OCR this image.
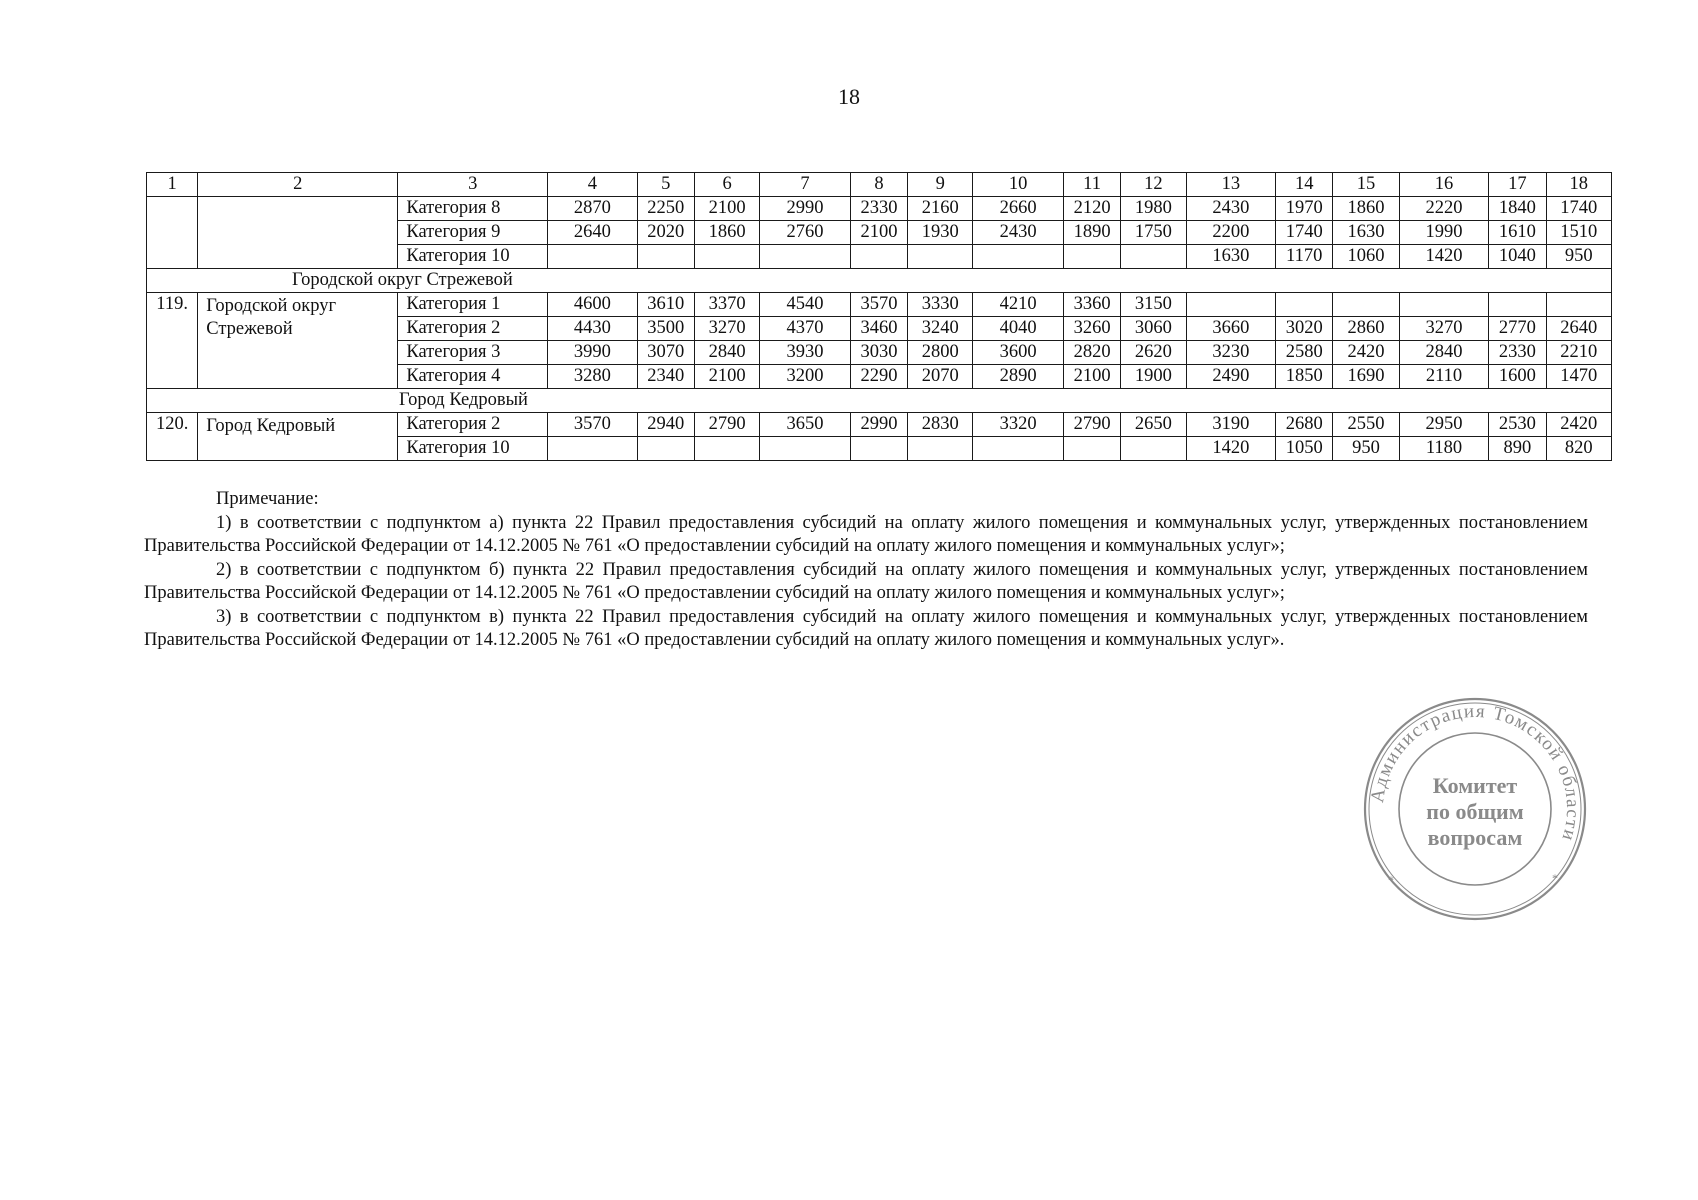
18
1	2	3	4	5	6	7	8	9	10	11	12	13	14	15	16	17	18
		Категория 8	2870	2250	2100	2990	2330	2160	2660	2120	1980	2430	1970	1860	2220	1840	1740
		Категория 9	2640	2020	1860	2760	2100	1930	2430	1890	1750	2200	1740	1630	1990	1610	1510
		Категория 10										1630	1170	1060	1420	1040	950
Городской округ Стрежевой																	
119.	Городской округ Стрежевой	Категория 1	4600	3610	3370	4540	3570	3330	4210	3360	3150						
		Категория 2	4430	3500	3270	4370	3460	3240	4040	3260	3060	3660	3020	2860	3270	2770	2640
		Категория 3	3990	3070	2840	3930	3030	2800	3600	2820	2620	3230	2580	2420	2840	2330	2210
		Категория 4	3280	2340	2100	3200	2290	2070	2890	2100	1900	2490	1850	1690	2110	1600	1470
Город Кедровый																	
120.	Город Кедровый	Категория 2	3570	2940	2790	3650	2990	2830	3320	2790	2650	3190	2680	2550	2950	2530	2420
		Категория 10										1420	1050	950	1180	890	820

Примечание:

1) в соответствии с подпунктом а) пункта 22 Правил предоставления субсидий на оплату жилого помещения и коммунальных услуг, утвержденных постановлением Правительства Российской Федерации от 14.12.2005 № 761 «О предоставлении субсидий на оплату жилого помещения и коммунальных услуг»;

2) в соответствии с подпунктом б) пункта 22 Правил предоставления субсидий на оплату жилого помещения и коммунальных услуг, утвержденных постановлением Правительства Российской Федерации от 14.12.2005 № 761 «О предоставлении субсидий на оплату жилого помещения и коммунальных услуг»;

3) в соответствии с подпунктом в) пункта 22 Правил предоставления субсидий на оплату жилого помещения и коммунальных услуг, утвержденных постановлением Правительства Российской Федерации от 14.12.2005 № 761 «О предоставлении субсидий на оплату жилого помещения и коммунальных услуг».

Администрация Томской области
*	*
Комитет
по общим
вопросам
